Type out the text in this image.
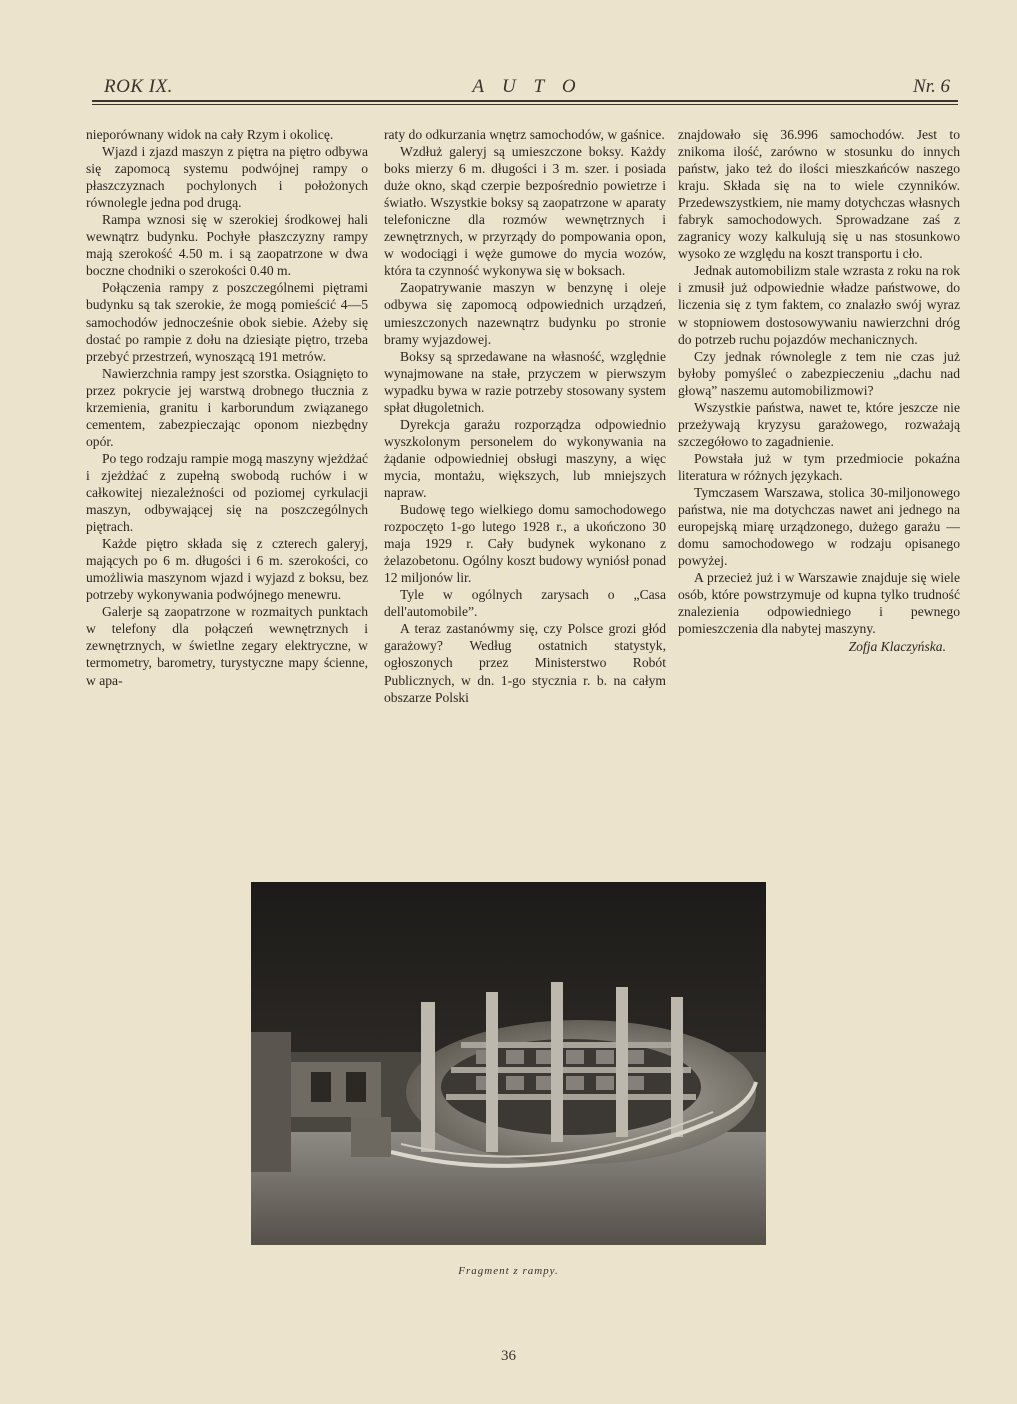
ROK IX.	AUTO	Nr. 6

nieporównany widok na cały Rzym i okolicę.

Wjazd i zjazd maszyn z piętra na piętro odbywa się zapomocą systemu podwójnej rampy o płaszczyznach pochylonych i położonych równolegle jedna pod drugą.

Rampa wznosi się w szerokiej środkowej hali wewnątrz budynku. Pochyłe płaszczyzny rampy mają szerokość 4.50 m. i są zaopatrzone w dwa boczne chodniki o szerokości 0.40 m.

Połączenia rampy z poszczególnemi piętrami budynku są tak szerokie, że mogą pomieścić 4—5 samochodów jednocześnie obok siebie. Ażeby się dostać po rampie z dołu na dziesiąte piętro, trzeba przebyć przestrzeń, wynoszącą 191 metrów.

Nawierzchnia rampy jest szorstka. Osiągnięto to przez pokrycie jej warstwą drobnego tłucznia z krzemienia, granitu i karborundum związanego cementem, zabezpieczając oponom niezbędny opór.

Po tego rodzaju rampie mogą maszyny wjeżdżać i zjeżdżać z zupełną swobodą ruchów i w całkowitej niezależności od poziomej cyrkulacji maszyn, odbywającej się na poszczególnych piętrach.

Każde piętro składa się z czterech galeryj, mających po 6 m. długości i 6 m. szerokości, co umożliwia maszynom wjazd i wyjazd z boksu, bez potrzeby wykonywania podwójnego menewru.

Galerje są zaopatrzone w rozmaitych punktach w telefony dla połączeń wewnętrznych i zewnętrznych, w świetlne zegary elektryczne, w termometry, barometry, turystyczne mapy ścienne, w apa-

raty do odkurzania wnętrz samochodów, w gaśnice.

Wzdłuż galeryj są umieszczone boksy. Każdy boks mierzy 6 m. długości i 3 m. szer. i posiada duże okno, skąd czerpie bezpośrednio powietrze i światło. Wszystkie boksy są zaopatrzone w aparaty telefoniczne dla rozmów wewnętrznych i zewnętrznych, w przyrządy do pompowania opon, w wodociągi i węże gumowe do mycia wozów, która ta czynność wykonywa się w boksach.

Zaopatrywanie maszyn w benzynę i oleje odbywa się zapomocą odpowiednich urządzeń, umieszczonych nazewnątrz budynku po stronie bramy wyjazdowej.

Boksy są sprzedawane na własność, względnie wynajmowane na stałe, przyczem w pierwszym wypadku bywa w razie potrzeby stosowany system spłat długoletnich.

Dyrekcja garażu rozporządza odpowiednio wyszkolonym personelem do wykonywania na żądanie odpowiedniej obsługi maszyny, a więc mycia, montażu, większych, lub mniejszych napraw.

Budowę tego wielkiego domu samochodowego rozpoczęto 1-go lutego 1928 r., a ukończono 30 maja 1929 r. Cały budynek wykonano z żelazobetonu. Ogólny koszt budowy wyniósł ponad 12 miljonów lir.

Tyle w ogólnych zarysach o „Casa dell'automobile”.

A teraz zastanówmy się, czy Polsce grozi głód garażowy? Według ostatnich statystyk, ogłoszonych przez Ministerstwo Robót Publicznych, w dn. 1-go stycznia r. b. na całym obszarze Polski

znajdowało się 36.996 samochodów. Jest to znikoma ilość, zarówno w stosunku do innych państw, jako też do ilości mieszkańców naszego kraju. Składa się na to wiele czynników. Przedewszystkiem, nie mamy dotychczas własnych fabryk samochodowych. Sprowadzane zaś z zagranicy wozy kalkulują się u nas stosunkowo wysoko ze względu na koszt transportu i cło.

Jednak automobilizm stale wzrasta z roku na rok i zmusił już odpowiednie władze państwowe, do liczenia się z tym faktem, co znalazło swój wyraz w stopniowem dostosowywaniu nawierzchni dróg do potrzeb ruchu pojazdów mechanicznych.

Czy jednak równolegle z tem nie czas już byłoby pomyśleć o zabezpieczeniu „dachu nad głową” naszemu automobilizmowi?

Wszystkie państwa, nawet te, które jeszcze nie przeżywają kryzysu garażowego, rozważają szczegółowo to zagadnienie.

Powstała już w tym przedmiocie pokaźna literatura w różnych językach.

Tymczasem Warszawa, stolica 30-miljonowego państwa, nie ma dotychczas nawet ani jednego na europejską miarę urządzonego, dużego garażu — domu samochodowego w rodzaju opisanego powyżej.

A przecież już i w Warszawie znajduje się wiele osób, które powstrzymuje od kupna tylko trudność znalezienia odpowiedniego i pewnego pomieszczenia dla nabytej maszyny.

Zofja Klaczyńska.

Fragment z rampy.
36
